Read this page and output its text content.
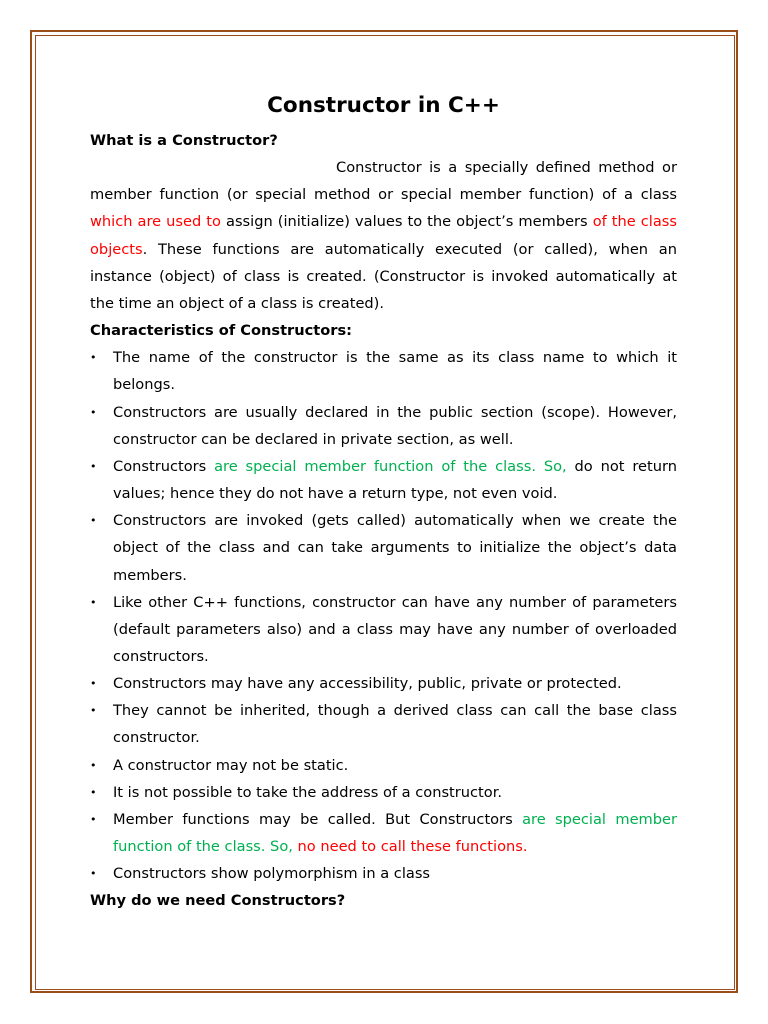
Constructor in C++
What is a Constructor?

Constructor is a specially defined method or member function (or special method or special member function) of a class which are used to assign (initialize) values to the object’s members of the class objects. These functions are automatically executed (or called), when an instance (object) of class is created. (Constructor is invoked automatically at the time an object of a class is created).

Characteristics of Constructors:
• The name of the constructor is the same as its class name to which it belongs.
• Constructors are usually declared in the public section (scope). However, constructor can be declared in private section, as well.
• Constructors are special member function of the class. So, do not return values; hence they do not have a return type, not even void.
• Constructors are invoked (gets called) automatically when we create the object of the class and can take arguments to initialize the object’s data members.
• Like other C++ functions, constructor can have any number of parameters (default parameters also) and a class may have any number of overloaded constructors.
• Constructors may have any accessibility, public, private or protected.
• They cannot be inherited, though a derived class can call the base class constructor.
• A constructor may not be static.
• It is not possible to take the address of a constructor.
• Member functions may be called. But Constructors are special member function of the class. So, no need to call these functions.
• Constructors show polymorphism in a class
Why do we need Constructors?
